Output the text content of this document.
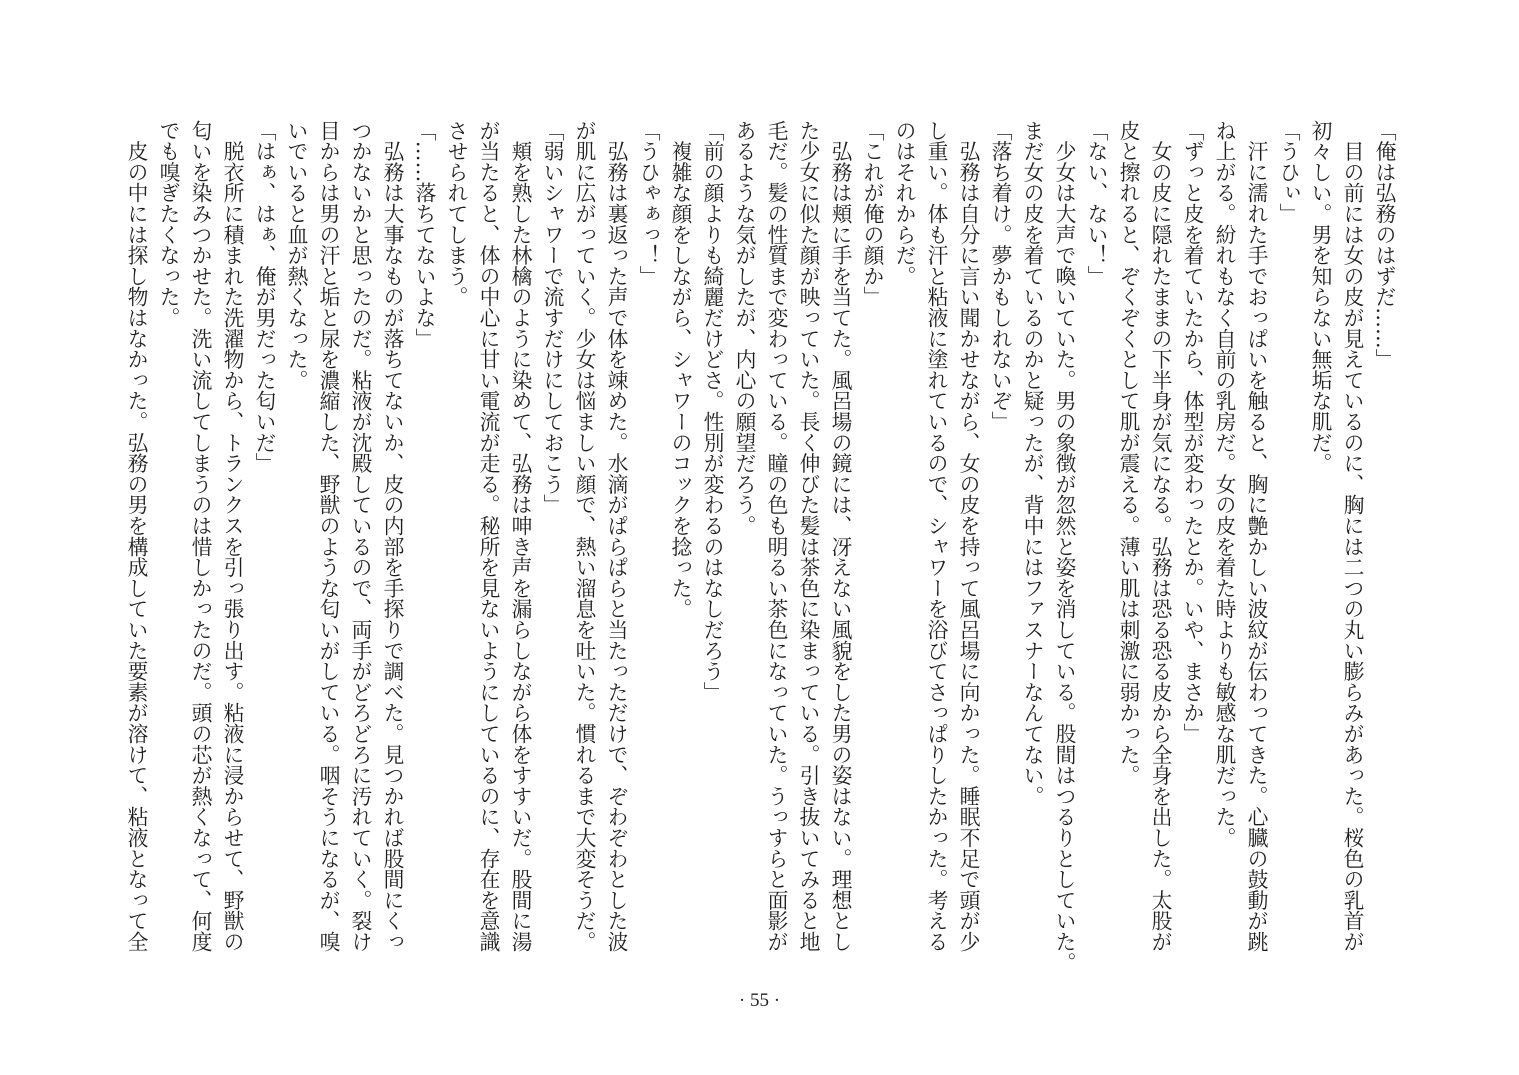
「俺は弘務のはずだ……」
　目の前には女の皮が見えているのに、胸には二つの丸い膨らみがあった。桜色の乳首が
初々しい。男を知らない無垢な肌だ。
「うひぃ」
　汗に濡れた手でおっぱいを触ると、胸に艶かしい波紋が伝わってきた。心臓の鼓動が跳
ね上がる。紛れもなく自前の乳房だ。女の皮を着た時よりも敏感な肌だった。
「ずっと皮を着ていたから、体型が変わったとか。いや、まさか」
　女の皮に隠れたままの下半身が気になる。弘務は恐る恐る皮から全身を出した。太股が
皮と擦れると、ぞくぞくとして肌が震える。薄い肌は刺激に弱かった。
「ない、ない！」
　少女は大声で喚いていた。男の象徴が忽然と姿を消している。股間はつるりとしていた。
まだ女の皮を着ているのかと疑ったが、背中にはファスナーなんてない。
「落ち着け。夢かもしれないぞ」
　弘務は自分に言い聞かせながら、女の皮を持って風呂場に向かった。睡眠不足で頭が少
し重い。体も汗と粘液に塗れているので、シャワーを浴びてさっぱりしたかった。考える
のはそれからだ。
「これが俺の顔か」
　弘務は頬に手を当てた。風呂場の鏡には、冴えない風貌をした男の姿はない。理想とし
た少女に似た顔が映っていた。長く伸びた髪は茶色に染まっている。引き抜いてみると地
毛だ。髪の性質まで変わっている。瞳の色も明るい茶色になっていた。うっすらと面影が
あるような気がしたが、内心の願望だろう。
「前の顔よりも綺麗だけどさ。性別が変わるのはなしだろう」
　複雑な顔をしながら、シャワーのコックを捻った。
「うひゃぁっ！」
　弘務は裏返った声で体を竦めた。水滴がぱらぱらと当たっただけで、ぞわぞわとした波
が肌に広がっていく。少女は悩ましい顔で、熱い溜息を吐いた。慣れるまで大変そうだ。
「弱いシャワーで流すだけにしておこう」
　頬を熟した林檎のように染めて、弘務は呻き声を漏らしながら体をすすいだ。股間に湯
が当たると、体の中心に甘い電流が走る。秘所を見ないようにしているのに、存在を意識
させられてしまう。
「……落ちてないよな」
　弘務は大事なものが落ちてないか、皮の内部を手探りで調べた。見つかれば股間にくっ
つかないかと思ったのだ。粘液が沈殿しているので、両手がどろどろに汚れていく。裂け
目からは男の汗と垢と尿を濃縮した、野獣のような匂いがしている。咽そうになるが、嗅
いでいると血が熱くなった。
「はぁ、はぁ、俺が男だった匂いだ」
　脱衣所に積まれた洗濯物から、トランクスを引っ張り出す。粘液に浸からせて、野獣の
匂いを染みつかせた。洗い流してしまうのは惜しかったのだ。頭の芯が熱くなって、何度
でも嗅ぎたくなった。
　皮の中には探し物はなかった。弘務の男を構成していた要素が溶けて、粘液となって全
· 55 ·
